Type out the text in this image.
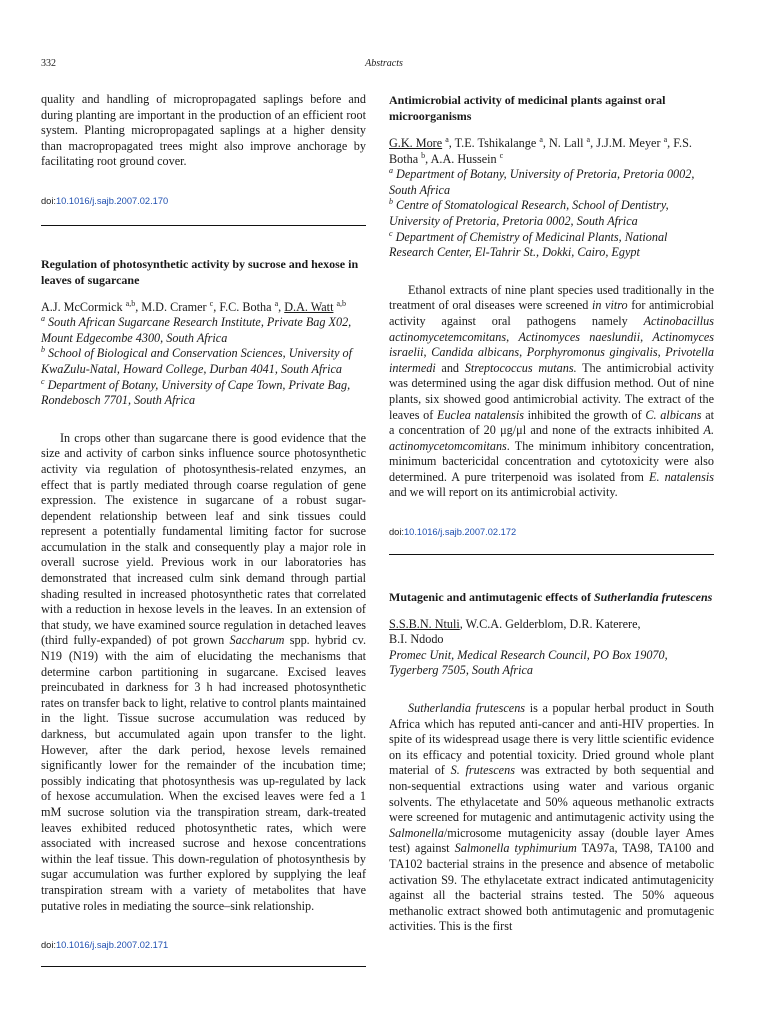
332	Abstracts

quality and handling of micropropagated saplings before and during planting are important in the production of an efficient root system. Planting micropropagated saplings at a higher density than macropropagated trees might also improve anchorage by facilitating root ground cover.

doi:10.1016/j.sajb.2007.02.170

Regulation of photosynthetic activity by sucrose and hexose in leaves of sugarcane

A.J. McCormick $^{a,b}$, M.D. Cramer $^c$, F.C. Botha $^a$, D.A. Watt $^{a,b}$

$^a$ South African Sugarcane Research Institute, Private Bag X02, Mount Edgecombe 4300, South Africa

$^b$ School of Biological and Conservation Sciences, University of KwaZulu-Natal, Howard College, Durban 4041, South Africa

$^c$ Department of Botany, University of Cape Town, Private Bag, Rondebosch 7701, South Africa

In crops other than sugarcane there is good evidence that the size and activity of carbon sinks influence source photosynthetic activity via regulation of photosynthesis-related enzymes, an effect that is partly mediated through coarse regulation of gene expression. The existence in sugarcane of a robust sugar-dependent relationship between leaf and sink tissues could represent a potentially fundamental limiting factor for sucrose accumulation in the stalk and consequently play a major role in overall sucrose yield. Previous work in our laboratories has demonstrated that increased culm sink demand through partial shading resulted in increased photosynthetic rates that correlated with a reduction in hexose levels in the leaves. In an extension of that study, we have examined source regulation in detached leaves (third fully-expanded) of pot grown Saccharum spp. hybrid cv. N19 (N19) with the aim of elucidating the mechanisms that determine carbon partitioning in sugarcane. Excised leaves preincubated in darkness for 3 h had increased photosynthetic rates on transfer back to light, relative to control plants maintained in the light. Tissue sucrose accumulation was reduced by darkness, but accumulated again upon transfer to the light. However, after the dark period, hexose levels remained significantly lower for the remainder of the incubation time; possibly indicating that photosynthesis was up-regulated by lack of hexose accumulation. When the excised leaves were fed a 1 mM sucrose solution via the transpiration stream, dark-treated leaves exhibited reduced photosynthetic rates, which were associated with increased sucrose and hexose concentrations within the leaf tissue. This down-regulation of photosynthesis by sugar accumulation was further explored by supplying the leaf transpiration stream with a variety of metabolites that have putative roles in mediating the source–sink relationship.

doi:10.1016/j.sajb.2007.02.171

Antimicrobial activity of medicinal plants against oral microorganisms

G.K. More $^a$, T.E. Tshikalange $^a$, N. Lall $^a$, J.J.M. Meyer $^a$, F.S. Botha $^b$, A.A. Hussein $^c$

$^a$ Department of Botany, University of Pretoria, Pretoria 0002, South Africa

$^b$ Centre of Stomatological Research, School of Dentistry, University of Pretoria, Pretoria 0002, South Africa

$^c$ Department of Chemistry of Medicinal Plants, National Research Center, El-Tahrir St., Dokki, Cairo, Egypt

Ethanol extracts of nine plant species used traditionally in the treatment of oral diseases were screened in vitro for antimicrobial activity against oral pathogens namely Actinobacillus actinomycetemcomitans, Actinomyces naeslundii, Actinomyces israelii, Candida albicans, Porphyromonus gingivalis, Privotella intermedi and Streptococcus mutans. The antimicrobial activity was determined using the agar disk diffusion method. Out of nine plants, six showed good antimicrobial activity. The extract of the leaves of Euclea natalensis inhibited the growth of C. albicans at a concentration of 20 μg/μl and none of the extracts inhibited A. actinomycetomcomitans. The minimum inhibitory concentration, minimum bactericidal concentration and cytotoxicity were also determined. A pure triterpenoid was isolated from E. natalensis and we will report on its antimicrobial activity.

doi:10.1016/j.sajb.2007.02.172

Mutagenic and antimutagenic effects of Sutherlandia frutescens

S.S.B.N. Ntuli, W.C.A. Gelderblom, D.R. Katerere,
B.I. Ndodo

Promec Unit, Medical Research Council, PO Box 19070, Tygerberg 7505, South Africa

Sutherlandia frutescens is a popular herbal product in South Africa which has reputed anti-cancer and anti-HIV properties. In spite of its widespread usage there is very little scientific evidence on its efficacy and potential toxicity. Dried ground whole plant material of S. frutescens was extracted by both sequential and non-sequential extractions using water and various organic solvents. The ethylacetate and 50% aqueous methanolic extracts were screened for mutagenic and antimutagenic activity using the Salmonella/microsome mutagenicity assay (double layer Ames test) against Salmonella typhimurium TA97a, TA98, TA100 and TA102 bacterial strains in the presence and absence of metabolic activation S9. The ethylacetate extract indicated antimutagenicity against all the bacterial strains tested. The 50% aqueous methanolic extract showed both antimutagenic and promutagenic activities. This is the first
